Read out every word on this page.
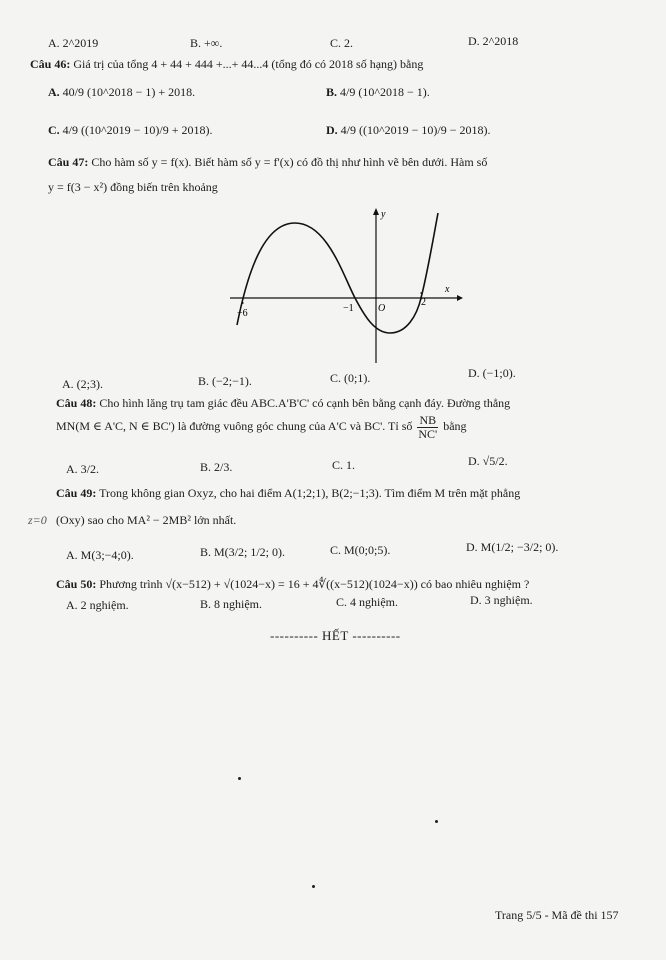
A. 2^2019	B. +∞.	C. 2.	D. 2^2018
Câu 46: Giá trị của tổng 4 + 44 + 444 +...+ 44...4 (tổng đó có 2018 số hạng) bằng
A. 40/9 (10^2018 − 1) + 2018.	B. 4/9 (10^2018 − 1).
C. 4/9 ((10^2019 − 10)/9 + 2018).	D. 4/9 ((10^2019 − 10)/9 − 2018).
Câu 47: Cho hàm số y = f(x). Biết hàm số y = f'(x) có đồ thị như hình vẽ bên dưới. Hàm số
y = f(3 − x²) đồng biến trên khoảng
y
x
−6	−1 O
2
A. (2;3).	B. (−2;−1).	C. (0;1).	D. (−1;0).
Câu 48: Cho hình lăng trụ tam giác đều ABC.A'B'C' có cạnh bên bằng cạnh đáy. Đường thẳng
MN(M ∈ A'C, N ∈ BC') là đường vuông góc chung của A'C và BC'. Tỉ số $\frac{NB}{NC'}$ bằng
A. 3/2.	B. 2/3.	C. 1.	D. √5/2.
Câu 49: Trong không gian Oxyz, cho hai điểm A(1;2;1), B(2;−1;3). Tìm điểm M trên mặt phẳng
z=0 (Oxy) sao cho MA² − 2MB² lớn nhất.
A. M(3;−4;0).	B. M(3/2; 1/2; 0).	C. M(0;0;5).	D. M(1/2; −3/2; 0).
Câu 50: Phương trình √(x−512) + √(1024−x) = 16 + 4∜((x−512)(1024−x)) có bao nhiêu nghiệm ?
A. 2 nghiệm.	B. 8 nghiệm.	C. 4 nghiệm.	D. 3 nghiệm.
---------- HẾT ----------
Trang 5/5 - Mã đề thi 157
